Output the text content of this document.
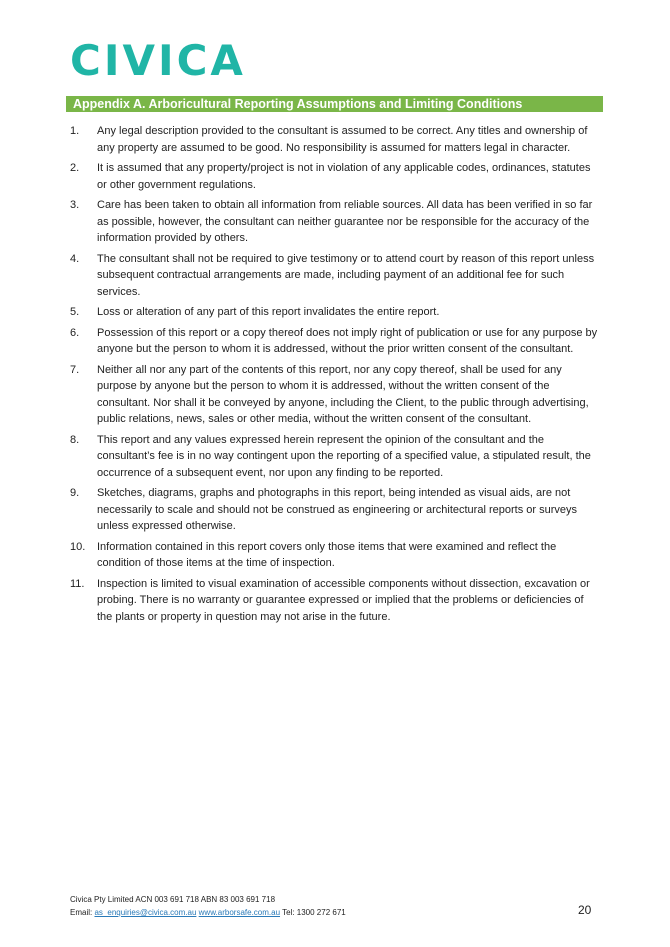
CIVICA
Appendix A. Arboricultural Reporting Assumptions and Limiting Conditions
1.	Any legal description provided to the consultant is assumed to be correct. Any titles and ownership of any property are assumed to be good. No responsibility is assumed for matters legal in character.
2.	It is assumed that any property/project is not in violation of any applicable codes, ordinances, statutes or other government regulations.
3.	Care has been taken to obtain all information from reliable sources. All data has been verified in so far as possible, however, the consultant can neither guarantee nor be responsible for the accuracy of the information provided by others.
4.	The consultant shall not be required to give testimony or to attend court by reason of this report unless subsequent contractual arrangements are made, including payment of an additional fee for such services.
5.	Loss or alteration of any part of this report invalidates the entire report.
6.	Possession of this report or a copy thereof does not imply right of publication or use for any purpose by anyone but the person to whom it is addressed, without the prior written consent of the consultant.
7.	Neither all nor any part of the contents of this report, nor any copy thereof, shall be used for any purpose by anyone but the person to whom it is addressed, without the written consent of the consultant. Nor shall it be conveyed by anyone, including the Client, to the public through advertising, public relations, news, sales or other media, without the written consent of the consultant.
8.	This report and any values expressed herein represent the opinion of the consultant and the consultant’s fee is in no way contingent upon the reporting of a specified value, a stipulated result, the occurrence of a subsequent event, nor upon any finding to be reported.
9.	Sketches, diagrams, graphs and photographs in this report, being intended as visual aids, are not necessarily to scale and should not be construed as engineering or architectural reports or surveys unless expressed otherwise.
10.	Information contained in this report covers only those items that were examined and reflect the condition of those items at the time of inspection.
11.	Inspection is limited to visual examination of accessible components without dissection, excavation or probing. There is no warranty or guarantee expressed or implied that the problems or deficiencies of the plants or property in question may not arise in the future.
Civica Pty Limited ACN 003 691 718 ABN 83 003 691 718
Email: as_enquiries@civica.com.au www.arborsafe.com.au Tel: 1300 272 671	20
